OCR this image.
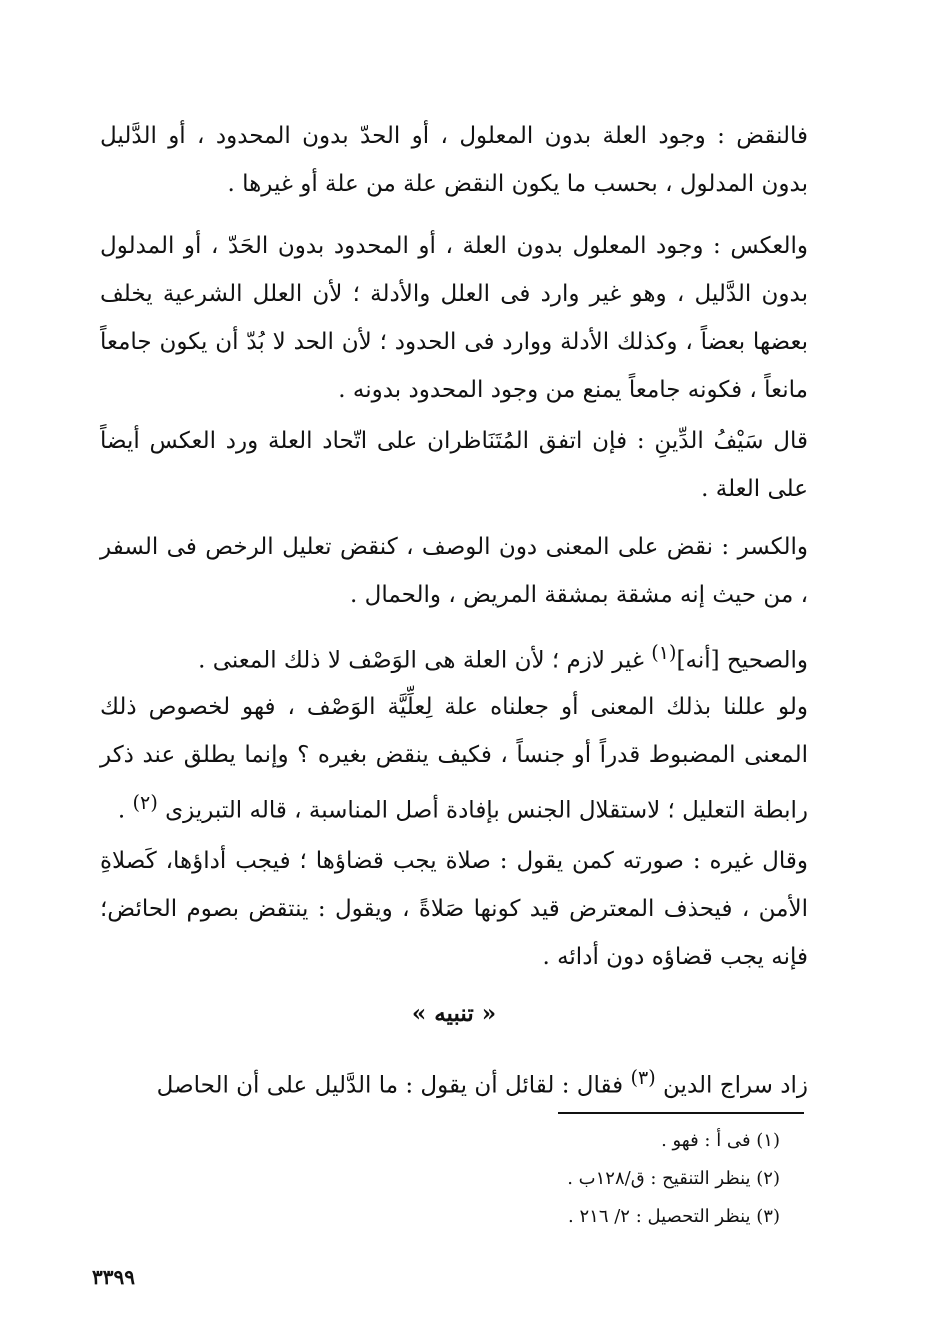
فالنقض : وجود العلة بدون المعلول ، أو الحدّ بدون المحدود ، أو الدَّليل بدون المدلول ، بحسب ما يكون النقض علة من علة أو غيرها .

والعكس : وجود المعلول بدون العلة ، أو المحدود بدون الحَدّ ، أو المدلول بدون الدَّليل ، وهو غير وارد فى العلل والأدلة ؛ لأن العلل الشرعية يخلف بعضها بعضاً ، وكذلك الأدلة ووارد فى الحدود ؛ لأن الحد لا بُدّ أن يكون جامعاً مانعاً ، فكونه جامعاً يمنع من وجود المحدود بدونه .

قال سَيْفُ الدِّينِ : فإن اتفق المُتَنَاظران على اتّحاد العلة ورد العكس أيضاً على العلة .

والكسر : نقض على المعنى دون الوصف ، كنقض تعليل الرخص فى السفر ، من حيث إنه مشقة بمشقة المريض ، والحمال .

والصحيح [أنه]$^{(١)}$ غير لازم ؛ لأن العلة هى الوَصْف لا ذلك المعنى .

ولو عللنا بذلك المعنى أو جعلناه علة لِعلِّيَّة الوَصْف ، فهو لخصوص ذلك المعنى المضبوط قدراً أو جنساً ، فكيف ينقض بغيره ؟ وإنما يطلق عند ذكر رابطة التعليل ؛ لاستقلال الجنس بإفادة أصل المناسبة ، قاله التبريزى $^{(٢)}$ .

وقال غيره : صورته كمن يقول : صلاة يجب قضاؤها ؛ فيجب أداؤها، كَصلاةِ الأمن ، فيحذف المعترض قيد كونها صَلاةً ، ويقول : ينتقض بصوم الحائض؛ فإنه يجب قضاؤه دون أدائه .

« تنبيه »

زاد سراج الدين $^{(٣)}$ فقال : لقائل أن يقول : ما الدَّليل على أن الحاصل

(١) فى أ : فهو .
(٢) ينظر التنقيح : ق/١٢٨ب .
(٣) ينظر التحصيل : ٢/ ٢١٦ .
٣٣٩٩
